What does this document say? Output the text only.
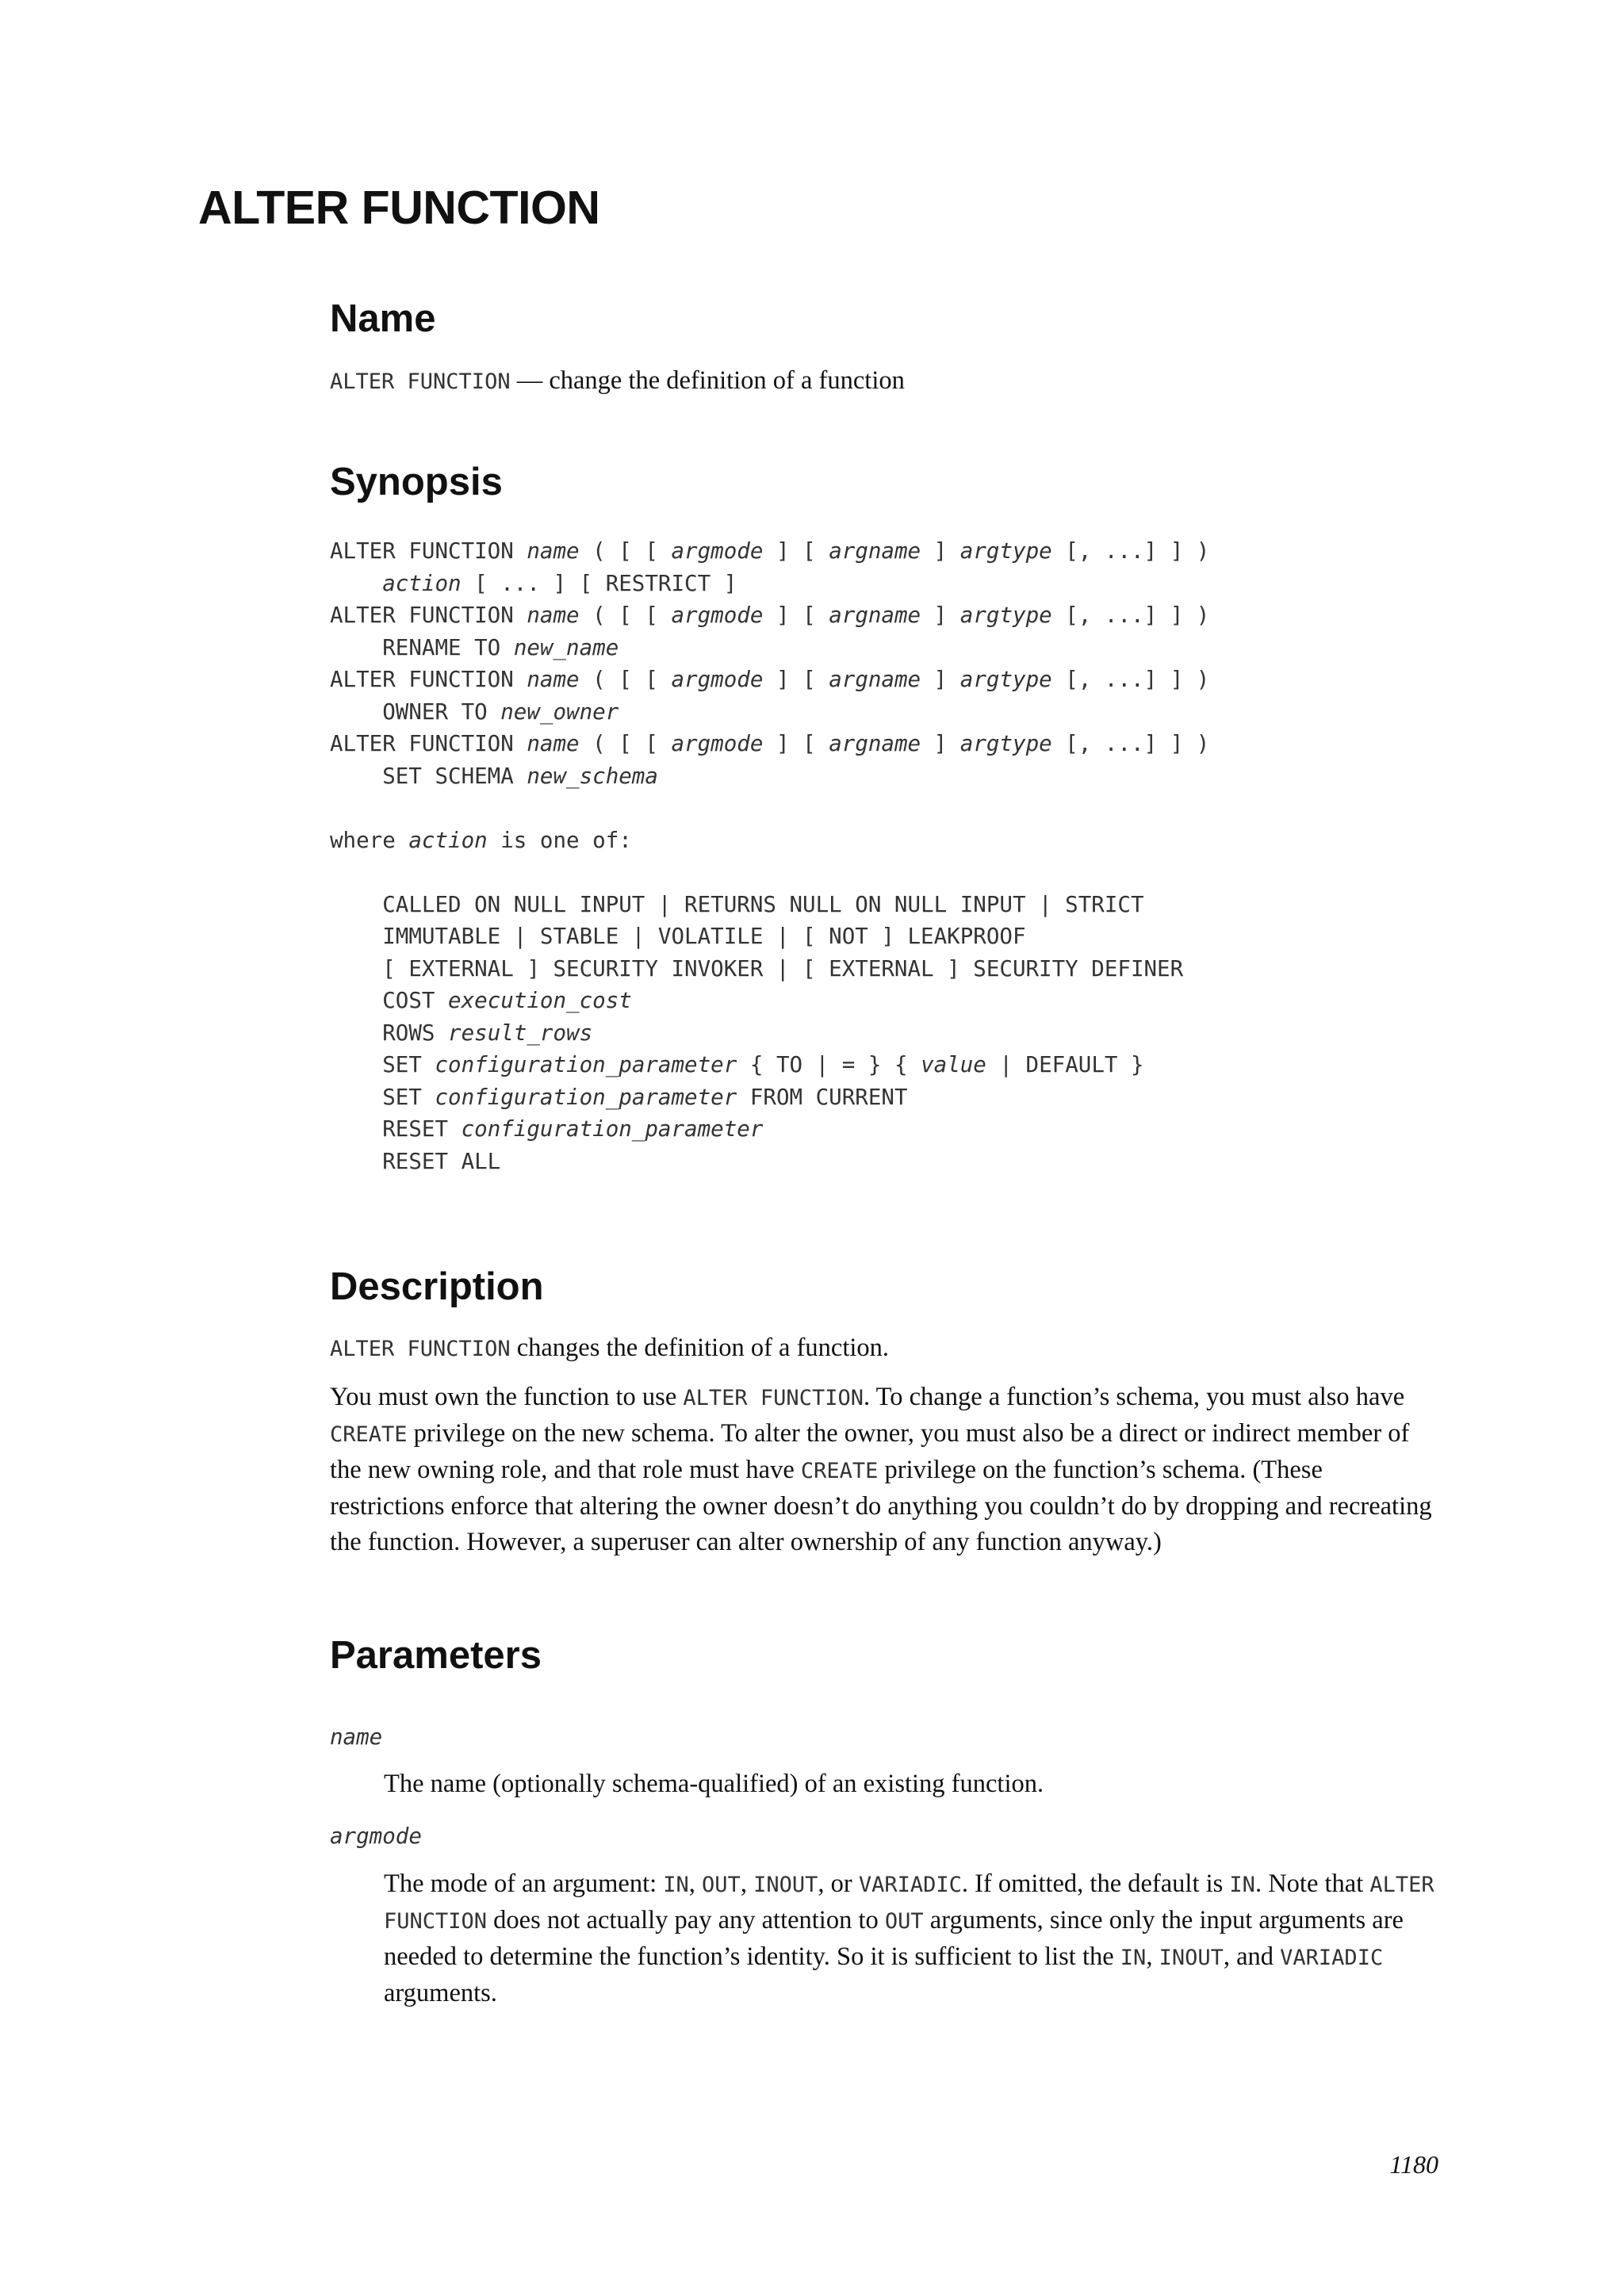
ALTER FUNCTION
Name
ALTER FUNCTION — change the definition of a function
Synopsis
ALTER FUNCTION name ( [ [ argmode ] [ argname ] argtype [, ...] ] )
action [ ... ] [ RESTRICT ]
ALTER FUNCTION name ( [ [ argmode ] [ argname ] argtype [, ...] ] )
RENAME TO new_name
ALTER FUNCTION name ( [ [ argmode ] [ argname ] argtype [, ...] ] )
OWNER TO new_owner
ALTER FUNCTION name ( [ [ argmode ] [ argname ] argtype [, ...] ] )
SET SCHEMA new_schema

where action is one of:

CALLED ON NULL INPUT | RETURNS NULL ON NULL INPUT | STRICT
IMMUTABLE | STABLE | VOLATILE | [ NOT ] LEAKPROOF
[ EXTERNAL ] SECURITY INVOKER | [ EXTERNAL ] SECURITY DEFINER
COST execution_cost
ROWS result_rows
SET configuration_parameter { TO | = } { value | DEFAULT }
SET configuration_parameter FROM CURRENT
RESET configuration_parameter
RESET ALL

Description

ALTER FUNCTION changes the definition of a function.

You must own the function to use ALTER FUNCTION. To change a function’s schema, you must also have CREATE privilege on the new schema. To alter the owner, you must also be a direct or indirect member of the new owning role, and that role must have CREATE privilege on the function’s schema. (These restrictions enforce that altering the owner doesn’t do anything you couldn’t do by dropping and recreating the function. However, a superuser can alter ownership of any function anyway.)

Parameters
name

The name (optionally schema-qualified) of an existing function.

argmode

The mode of an argument: IN, OUT, INOUT, or VARIADIC. If omitted, the default is IN. Note that ALTER FUNCTION does not actually pay any attention to OUT arguments, since only the input arguments are needed to determine the function’s identity. So it is sufficient to list the IN, INOUT, and VARIADIC arguments.

1180
